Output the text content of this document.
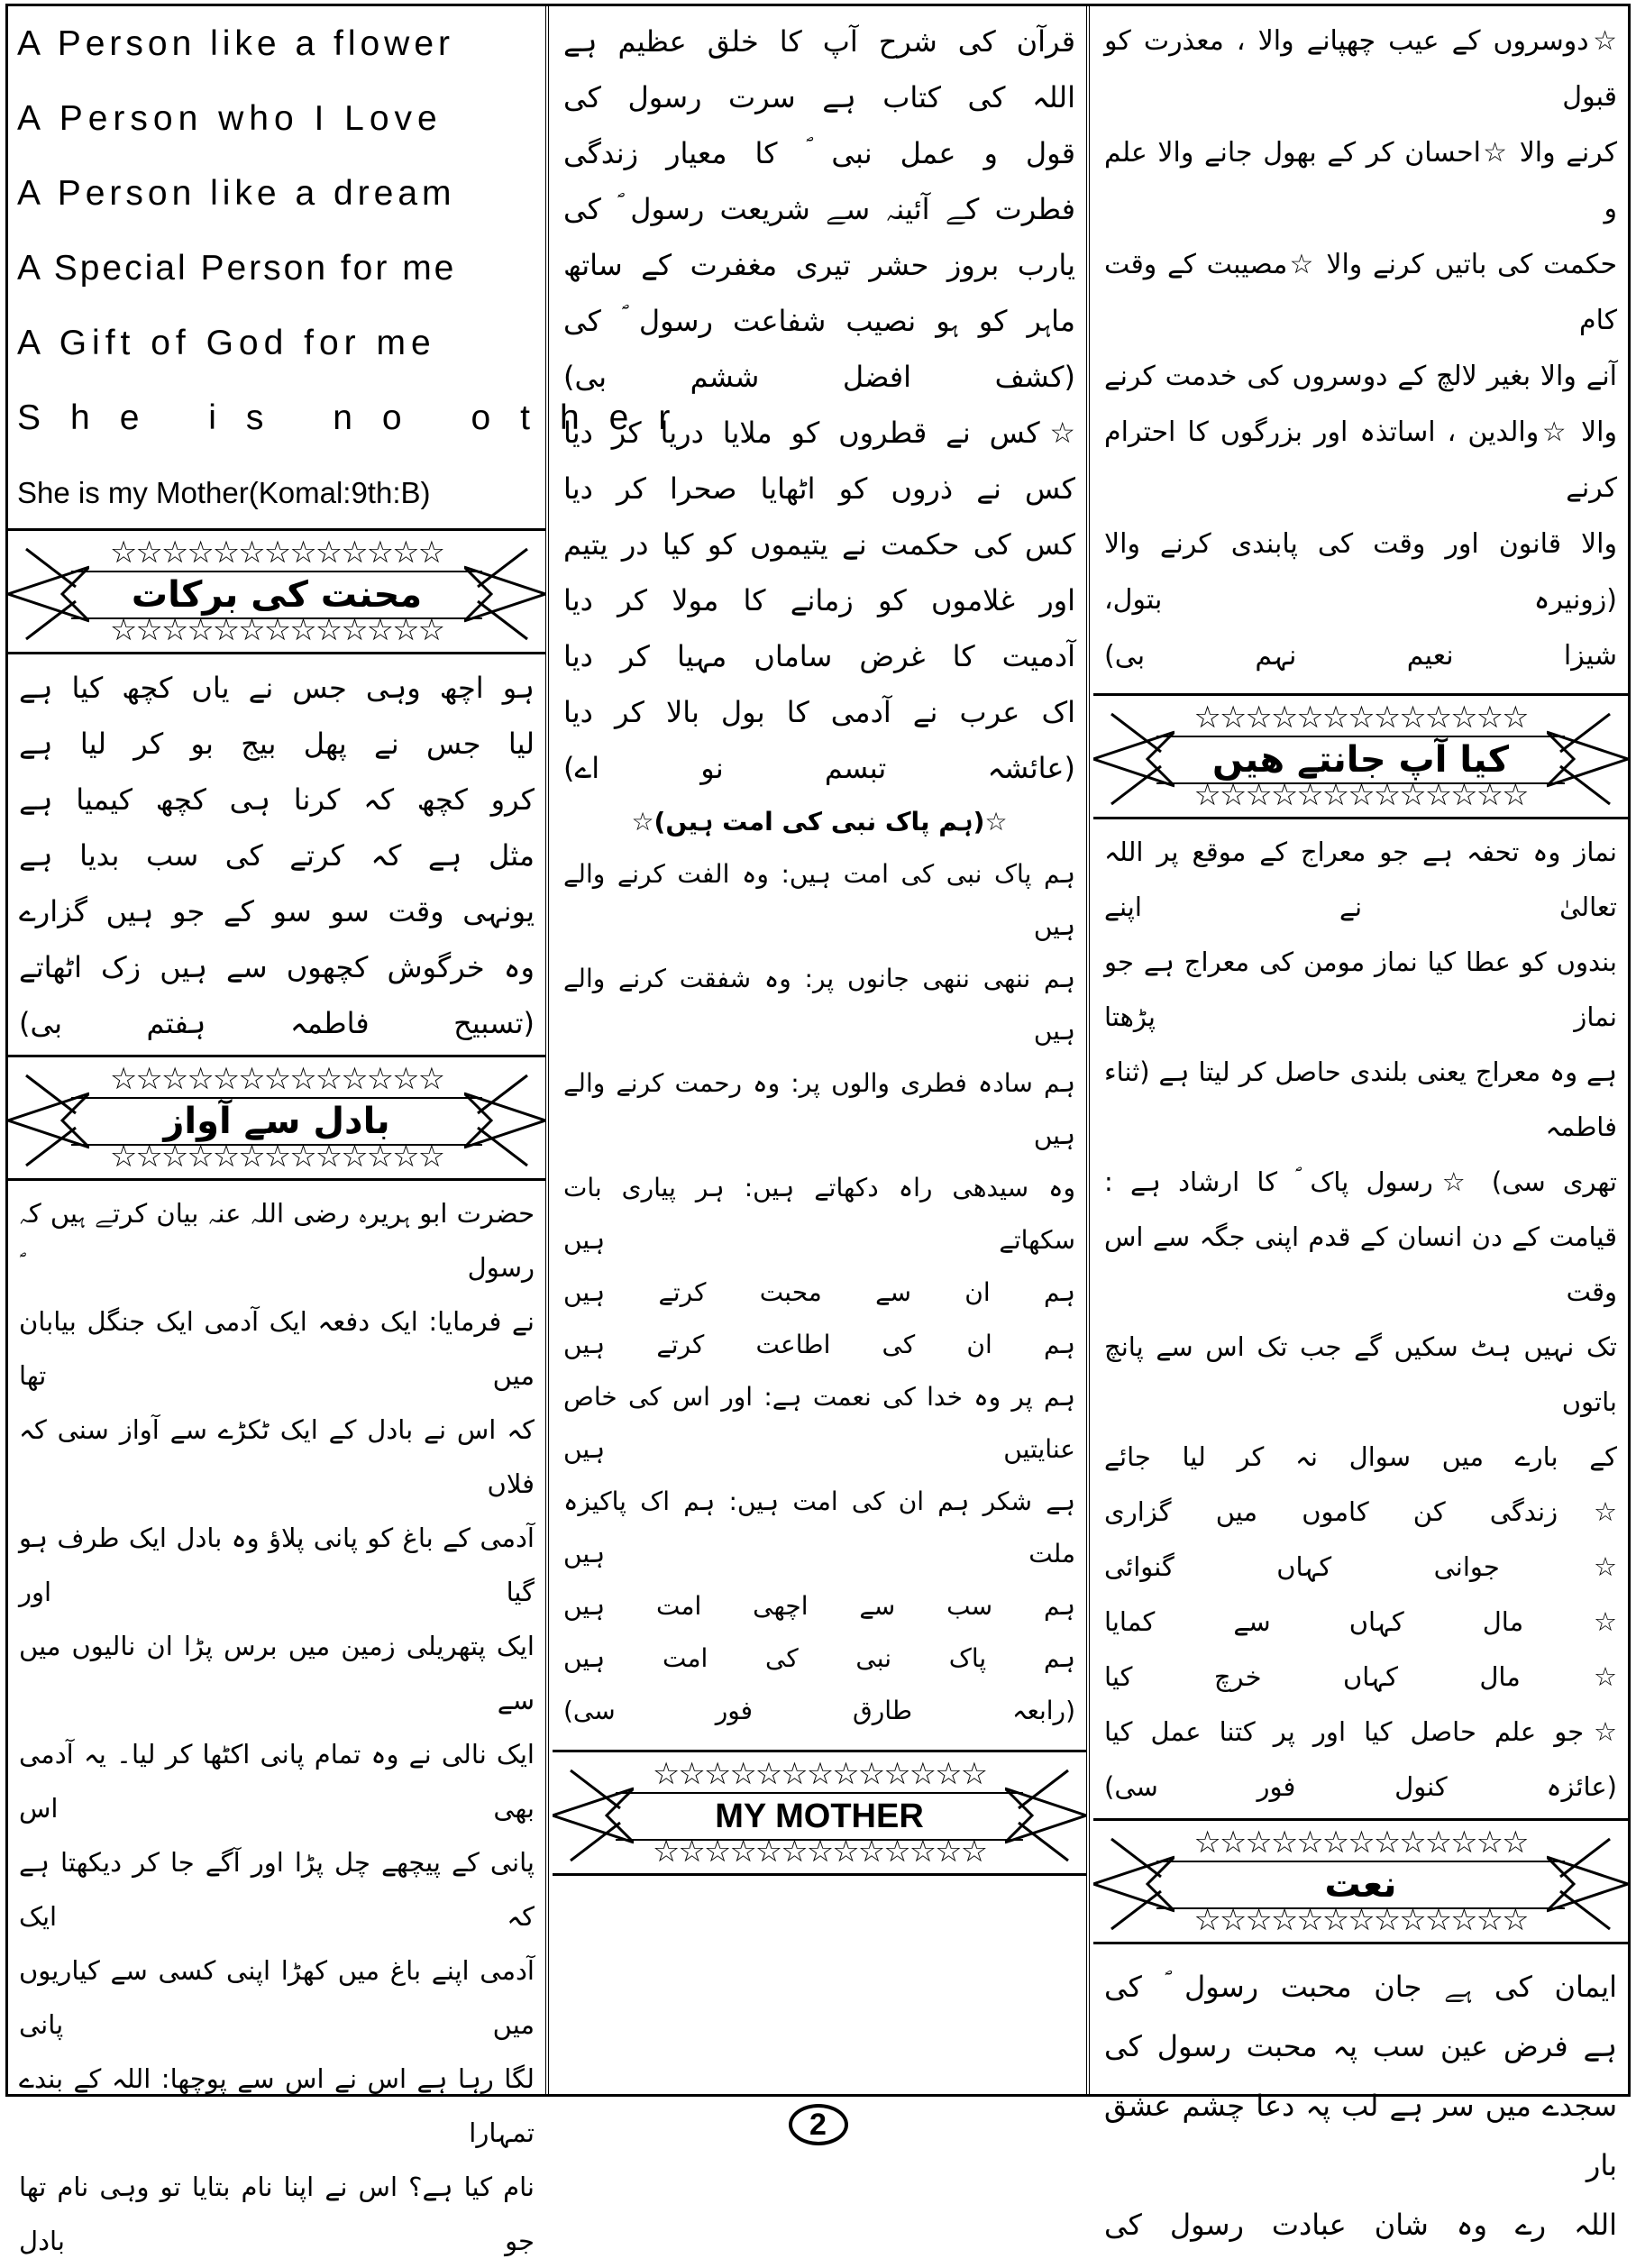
A Person like a flower
A Person who I Love
A Person like a dream
A Special Person for me
A Gift of God for me
She is no other
She is my Mother(Komal:9th:B)
☆☆☆☆☆☆☆☆☆☆☆☆☆
محنت کی برکات
☆☆☆☆☆☆☆☆☆☆☆☆☆
ہو اچھ وہی جس نے یاں کچھ کیا ہے
لیا جس نے پھل بیج بو کر لیا ہے
کرو کچھ کہ کرنا ہی کچھ کیمیا ہے
مثل ہے کہ کرتے کی سب بدیا ہے
یونہی وقت سو سو کے جو ہیں گزارے
وہ خرگوش کچھوں سے ہیں زک اٹھاتے
(تسبیح فاطمہ ہفتم بی)
☆☆☆☆☆☆☆☆☆☆☆☆☆
بادل سے آواز
☆☆☆☆☆☆☆☆☆☆☆☆☆
حضرت ابو ہریرہ رضی اللہ عنہ بیان کرتے ہیں کہ رسول ؐ
نے فرمایا: ایک دفعہ ایک آدمی ایک جنگل بیابان میں تھا
کہ اس نے بادل کے ایک ٹکڑے سے آواز سنی کہ فلاں
آدمی کے باغ کو پانی پلاؤ وہ بادل ایک طرف ہو گیا اور
ایک پتھریلی زمین میں برس پڑا ان نالیوں میں سے
ایک نالی نے وہ تمام پانی اکٹھا کر لیا۔ یہ آدمی بھی اس
پانی کے پیچھے چل پڑا اور آگے جا کر دیکھتا ہے کہ ایک
آدمی اپنے باغ میں کھڑا اپنی کسی سے کیاریوں میں پانی
لگا رہا ہے اس نے اس سے پوچھا: اللہ کے بندے تمہارا
نام کیا ہے؟ اس نے اپنا نام بتایا تو وہی نام تھا جو بادل
قرآن کی شرح آپ کا خلق عظیم ہے
اللہ کی کتاب ہے سرت رسول کی
قول و عمل نبی ؐ کا معیار زندگی
فطرت کے آئینہ سے شریعت رسول ؐ کی
یارب بروز حشر تیری مغفرت کے ساتھ
ماہر کو ہو نصیب شفاعت رسول ؐ کی
(کشف افضل ششم بی)
☆کس نے قطروں کو ملایا دریا کر دیا
کس نے ذروں کو اٹھایا صحرا کر دیا
کس کی حکمت نے یتیموں کو کیا در یتیم
اور غلاموں کو زمانے کا مولا کر دیا
آدمیت کا غرض ساماں مہیا کر دیا
اک عرب نے آدمی کا بول بالا کر دیا
(عائشہ تبسم نو اے)
☆(ہم پاک نبی کی امت ہیں)☆
ہم پاک نبی کی امت ہیں: وہ الفت کرنے والے ہیں
ہم ننھی ننھی جانوں پر: وہ شفقت کرنے والے ہیں
ہم سادہ فطری والوں پر: وہ رحمت کرنے والے ہیں
وہ سیدھی راہ دکھاتے ہیں: ہر پیاری بات سکھاتے ہیں
ہم ان سے محبت کرتے ہیں
ہم ان کی اطاعت کرتے ہیں
ہم پر وہ خدا کی نعمت ہے: اور اس کی خاص عنایتیں ہیں
ہے شکر ہم ان کی امت ہیں: ہم اک پاکیزہ ملت ہیں
ہم سب سے اچھی امت ہیں
ہم پاک نبی کی امت ہیں
(رابعہ طارق فور سی)
☆☆☆☆☆☆☆☆☆☆☆☆☆
MY MOTHER
☆☆☆☆☆☆☆☆☆☆☆☆☆
☆دوسروں کے عیب چھپانے والا ، معذرت کو قبول
کرنے والا ☆احسان کر کے بھول جانے والا علم و
حکمت کی باتیں کرنے والا ☆مصیبت کے وقت کام
آنے والا بغیر لالچ کے دوسروں کی خدمت کرنے
والا ☆والدین ، اساتذہ اور بزرگوں کا احترام کرنے
والا قانون اور وقت کی پابندی کرنے والا (زونیرہ بتول،
شیزا نعیم نہم بی)
☆☆☆☆☆☆☆☆☆☆☆☆☆
کیا آپ جانتے ھیں
☆☆☆☆☆☆☆☆☆☆☆☆☆
نماز وہ تحفہ ہے جو معراج کے موقع پر اللہ تعالیٰ نے اپنے
بندوں کو عطا کیا نماز مومن کی معراج ہے جو نماز پڑھتا
ہے وہ معراج یعنی بلندی حاصل کر لیتا ہے (ثناء فاطمہ
تھری سی) ☆رسول پاک ؐ کا ارشاد ہے :
قیامت کے دن انسان کے قدم اپنی جگہ سے اس وقت
تک نہیں ہٹ سکیں گے جب تک اس سے پانچ باتوں
کے بارے میں سوال نہ کر لیا جائے
☆زندگی کن کاموں میں گزاری
☆جوانی کہاں گنوائی
☆مال کہاں سے کمایا
☆مال کہاں خرچ کیا
☆جو علم حاصل کیا اور پر کتنا عمل کیا
(عائزہ کنول فور سی)
☆☆☆☆☆☆☆☆☆☆☆☆☆
نعت
☆☆☆☆☆☆☆☆☆☆☆☆☆
ایمان کی ہے جان محبت رسول ؐ کی
ہے فرض عین سب پہ محبت رسول کی
سجدے میں سر ہے لب پہ دعا چشم عشق بار
اللہ رے وہ شان عبادت رسول کی
2
